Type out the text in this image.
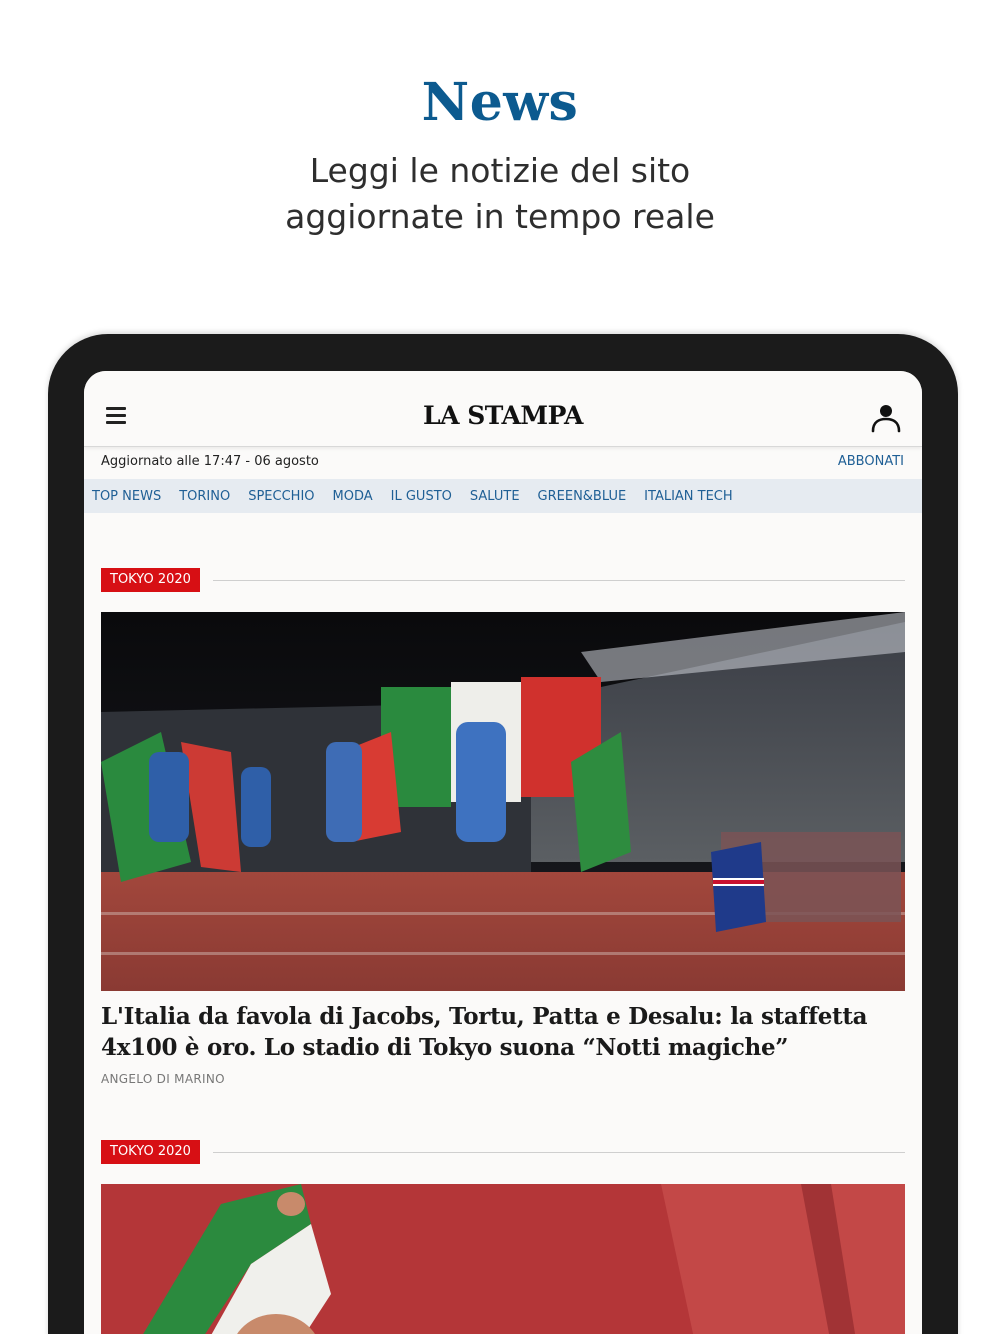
News
Leggi le notizie del sito
aggiornate in tempo reale
LA STAMPA
Aggiornato alle 17:47 - 06 agosto	ABBONATI
TOP NEWS TORINO SPECCHIO MODA IL GUSTO SALUTE GREEN&BLUE ITALIAN TECH
TOKYO 2020
L'Italia da favola di Jacobs, Tortu, Patta e Desalu: la staffetta 4x100 è oro. Lo stadio di Tokyo suona “Notti magiche”
ANGELO DI MARINO
TOKYO 2020
